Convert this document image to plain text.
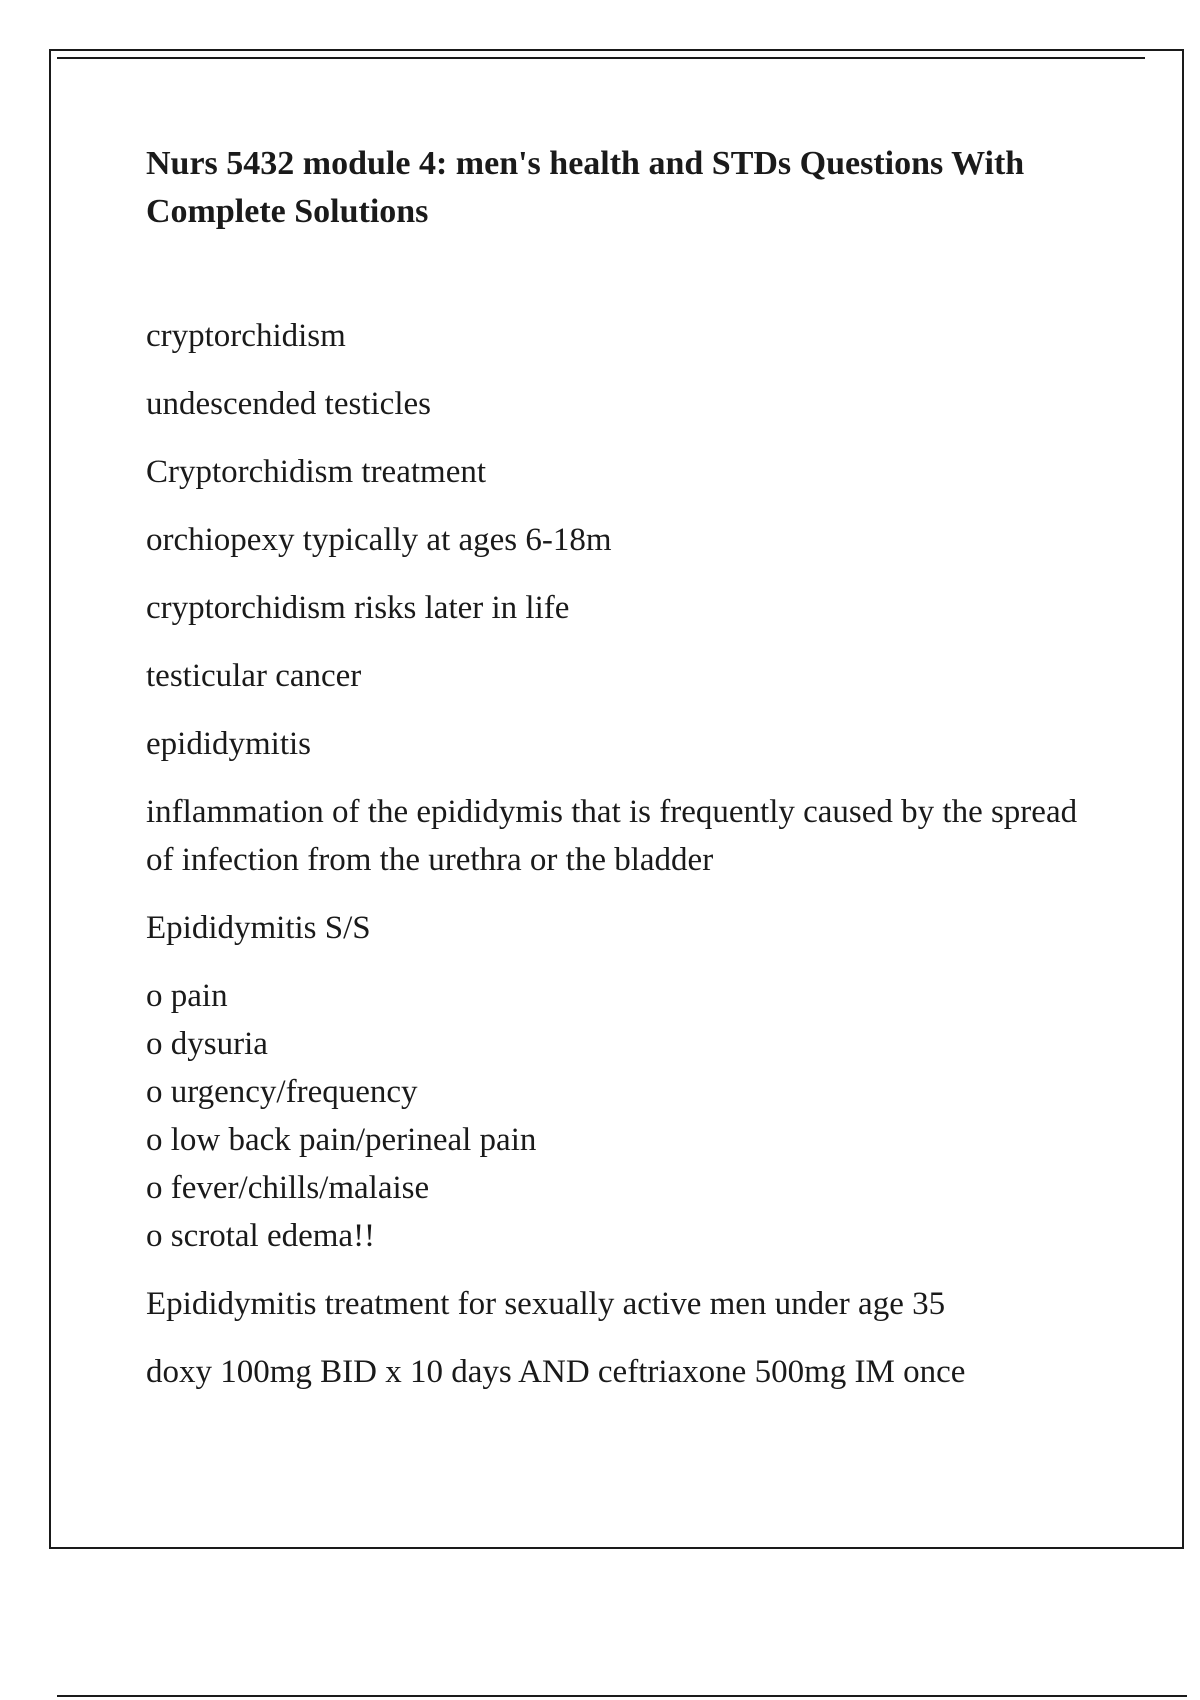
Nurs 5432 module 4: men's health and STDs Questions With Complete Solutions

cryptorchidism

undescended testicles

Cryptorchidism treatment

orchiopexy typically at ages 6-18m

cryptorchidism risks later in life

testicular cancer

epididymitis

inflammation of the epididymis that is frequently caused by the spread of infection from the urethra or the bladder

Epididymitis S/S

o pain
o dysuria
o urgency/frequency
o low back pain/perineal pain
o fever/chills/malaise
o scrotal edema!!

Epididymitis treatment for sexually active men under age 35

doxy 100mg BID x 10 days AND ceftriaxone 500mg IM once
